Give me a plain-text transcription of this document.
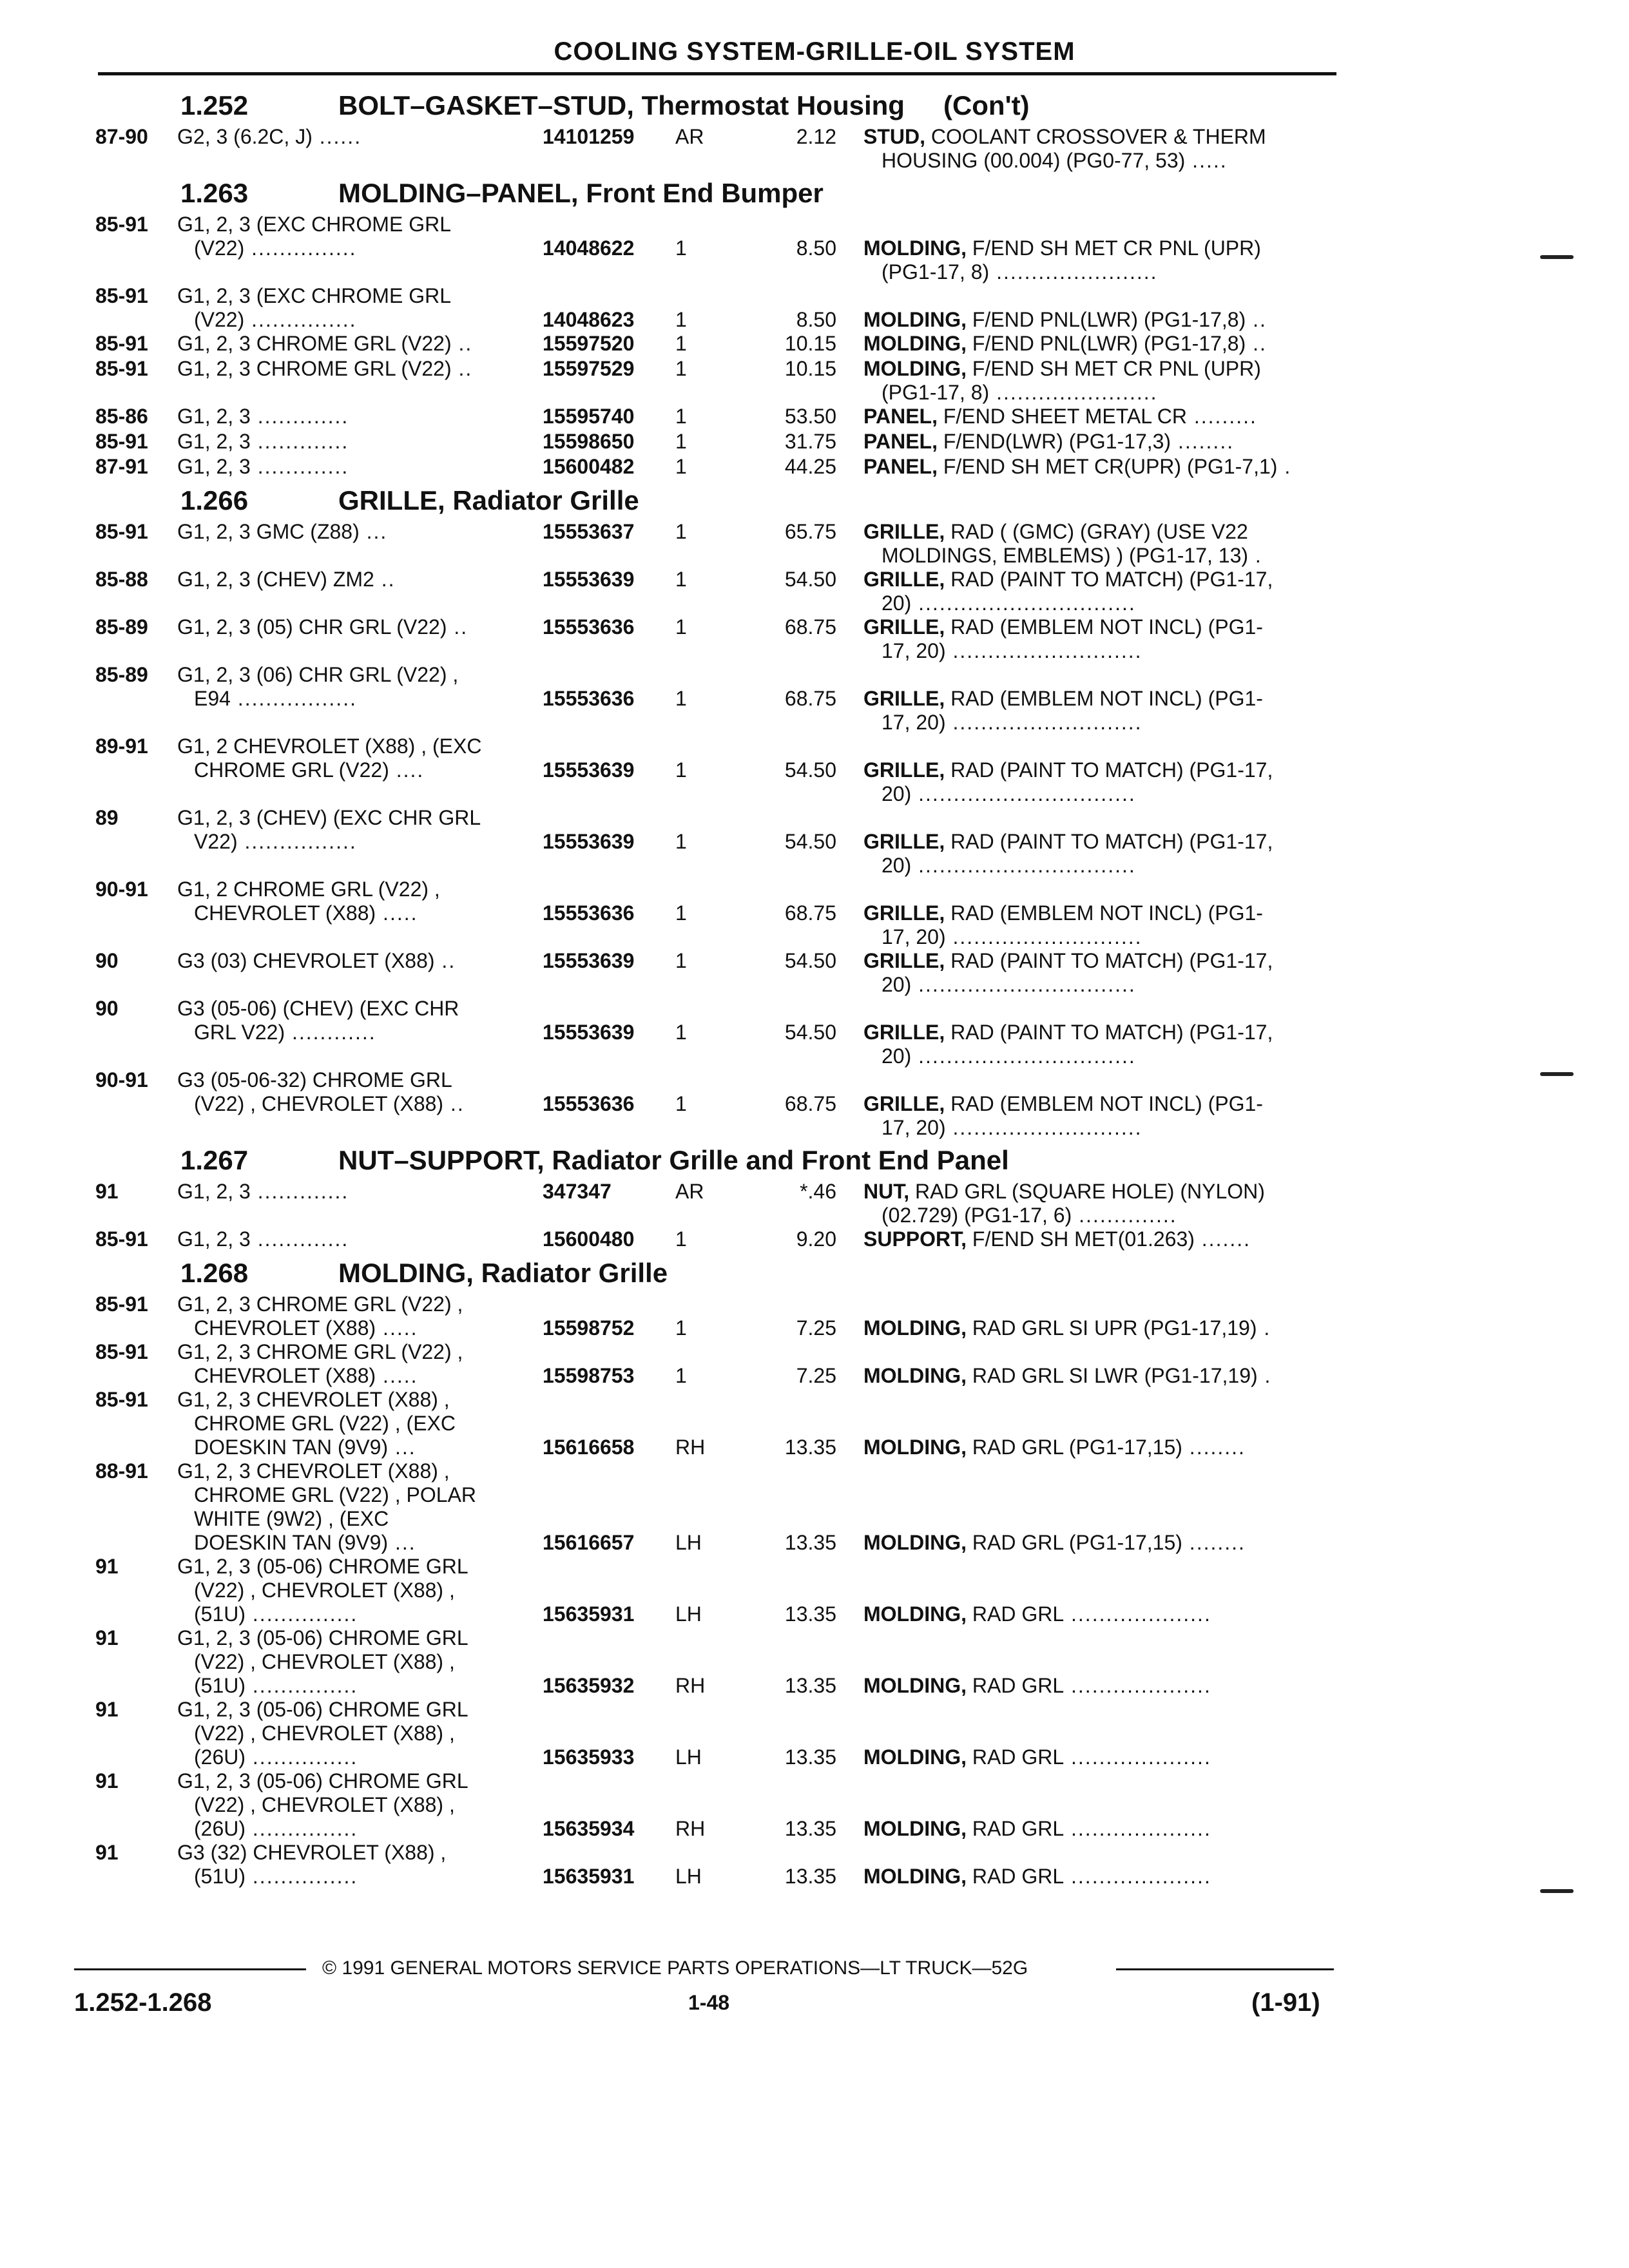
COOLING SYSTEM-GRILLE-OIL SYSTEM
1.252	BOLT–GASKET–STUD, Thermostat Housing (Con't)
87-90 G2, 3 (6.2C, J) ......	14101259 AR	2.12 STUD, COOLANT CROSSOVER & THERM
HOUSING (00.004) (PG0-77, 53) .....
1.263	MOLDING–PANEL, Front End Bumper
85-91 G1, 2, 3 (EXC CHROME GRL
(V22) ...............	14048622 1	8.50 MOLDING, F/END SH MET CR PNL (UPR)
(PG1-17, 8) .......................
85-91 G1, 2, 3 (EXC CHROME GRL
(V22) ...............	14048623 1	8.50 MOLDING, F/END PNL(LWR) (PG1-17,8) ..
85-91 G1, 2, 3 CHROME GRL (V22) ..	15597520 1	10.15 MOLDING, F/END PNL(LWR) (PG1-17,8) ..
85-91 G1, 2, 3 CHROME GRL (V22) ..	15597529 1	10.15 MOLDING, F/END SH MET CR PNL (UPR)
(PG1-17, 8) .......................
85-86 G1, 2, 3 .............	15595740 1	53.50 PANEL, F/END SHEET METAL CR .........
85-91 G1, 2, 3 .............	15598650 1	31.75 PANEL, F/END(LWR) (PG1-17,3) ........
87-91 G1, 2, 3 .............	15600482 1	44.25 PANEL, F/END SH MET CR(UPR) (PG1-7,1) .
1.266	GRILLE, Radiator Grille
85-91 G1, 2, 3 GMC (Z88) ...	15553637 1	65.75 GRILLE, RAD ( (GMC) (GRAY) (USE V22
MOLDINGS, EMBLEMS) ) (PG1-17, 13) .
85-88 G1, 2, 3 (CHEV) ZM2 ..	15553639 1	54.50 GRILLE, RAD (PAINT TO MATCH) (PG1-17,
20) ...............................
85-89 G1, 2, 3 (05) CHR GRL (V22) ..	15553636 1	68.75 GRILLE, RAD (EMBLEM NOT INCL) (PG1-
17, 20) ...........................
85-89 G1, 2, 3 (06) CHR GRL (V22) ,
E94 .................	15553636 1	68.75 GRILLE, RAD (EMBLEM NOT INCL) (PG1-
17, 20) ...........................
89-91 G1, 2 CHEVROLET (X88) , (EXC
CHROME GRL (V22) ....	15553639 1	54.50 GRILLE, RAD (PAINT TO MATCH) (PG1-17,
20) ...............................
89	G1, 2, 3 (CHEV) (EXC CHR GRL
V22) ................	15553639 1	54.50 GRILLE, RAD (PAINT TO MATCH) (PG1-17,
20) ...............................
90-91 G1, 2 CHROME GRL (V22) ,
CHEVROLET (X88) .....	15553636 1	68.75 GRILLE, RAD (EMBLEM NOT INCL) (PG1-
17, 20) ...........................
90	G3 (03) CHEVROLET (X88) ..	15553639 1	54.50 GRILLE, RAD (PAINT TO MATCH) (PG1-17,
20) ...............................
90	G3 (05-06) (CHEV) (EXC CHR
GRL V22) ............	15553639 1	54.50 GRILLE, RAD (PAINT TO MATCH) (PG1-17,
20) ...............................
90-91 G3 (05-06-32) CHROME GRL
(V22) , CHEVROLET (X88) ..	15553636 1	68.75 GRILLE, RAD (EMBLEM NOT INCL) (PG1-
17, 20) ...........................
1.267	NUT–SUPPORT, Radiator Grille and Front End Panel
91	G1, 2, 3 .............	347347	AR	*.46 NUT, RAD GRL (SQUARE HOLE) (NYLON)
(02.729) (PG1-17, 6) ..............
85-91 G1, 2, 3 .............	15600480 1	9.20 SUPPORT, F/END SH MET(01.263) .......
1.268	MOLDING, Radiator Grille
85-91 G1, 2, 3 CHROME GRL (V22) ,
CHEVROLET (X88) .....	15598752 1	7.25 MOLDING, RAD GRL SI UPR (PG1-17,19) .
85-91 G1, 2, 3 CHROME GRL (V22) ,
CHEVROLET (X88) .....	15598753 1	7.25 MOLDING, RAD GRL SI LWR (PG1-17,19) .
85-91 G1, 2, 3 CHEVROLET (X88) ,
CHROME GRL (V22) , (EXC
DOESKIN TAN (9V9) ...	15616658 RH	13.35 MOLDING, RAD GRL (PG1-17,15) ........
88-91 G1, 2, 3 CHEVROLET (X88) ,
CHROME GRL (V22) , POLAR
WHITE (9W2) , (EXC
DOESKIN TAN (9V9) ...	15616657 LH	13.35 MOLDING, RAD GRL (PG1-17,15) ........
91	G1, 2, 3 (05-06) CHROME GRL
(V22) , CHEVROLET (X88) ,
(51U) ...............	15635931 LH	13.35 MOLDING, RAD GRL ....................
91	G1, 2, 3 (05-06) CHROME GRL
(V22) , CHEVROLET (X88) ,
(51U) ...............	15635932 RH	13.35 MOLDING, RAD GRL ....................
91	G1, 2, 3 (05-06) CHROME GRL
(V22) , CHEVROLET (X88) ,
(26U) ...............	15635933 LH	13.35 MOLDING, RAD GRL ....................
91	G1, 2, 3 (05-06) CHROME GRL
(V22) , CHEVROLET (X88) ,
(26U) ...............	15635934 RH	13.35 MOLDING, RAD GRL ....................
91	G3 (32) CHEVROLET (X88) ,
(51U) ...............	15635931 LH	13.35 MOLDING, RAD GRL ....................
© 1991 GENERAL MOTORS SERVICE PARTS OPERATIONS—LT TRUCK—52G
1.252-1.268	1-48	(1-91)
